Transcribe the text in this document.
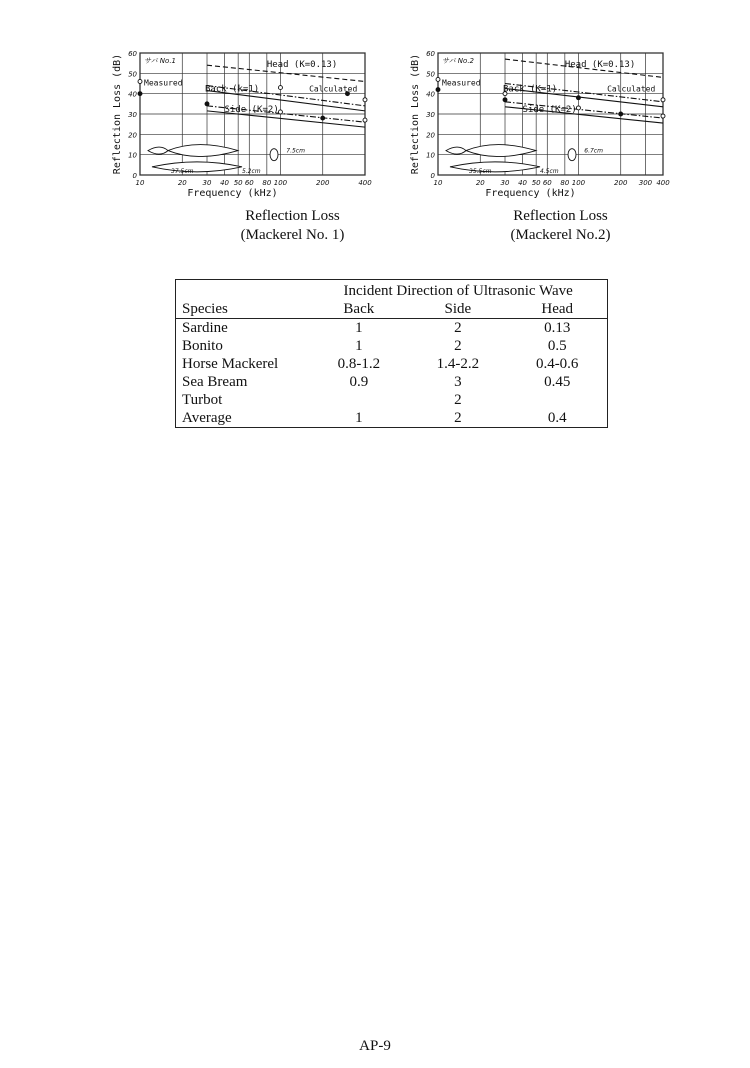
10	20 30 40 50 60 80 100	200	400
0
10
20
30
40
50
60
Frequency (kHz)
Reflection Loss (dB)	サバ No.1	Head (K=0.13)
Back (k=1)
Side (K=2)
Measured
Calculated
37.5cm	5.2cm
7.5cm
Reflection Loss
(Mackerel No. 1)
10	20 30 40 50 60 80 100	200 300 400
0
10
20
30
40
50
60
Frequency (kHz)
Reflection Loss (dB)	サバ No.2	Head (K=0.13)
Back (K=1)
Side (K=2)
Measured
Calculated
35.5cm	4.5cm
6.7cm
Reflection Loss
(Mackerel No.2)
	Incident Direction of Ultrasonic Wave		
Species	Back	Side	Head
Sardine	1	2	0.13
Bonito	1	2	0.5
Horse Mackerel	0.8-1.2	1.4-2.2	0.4-0.6
Sea Bream	0.9	3	0.45
Turbot		2	
Average	1	2	0.4
AP-9
